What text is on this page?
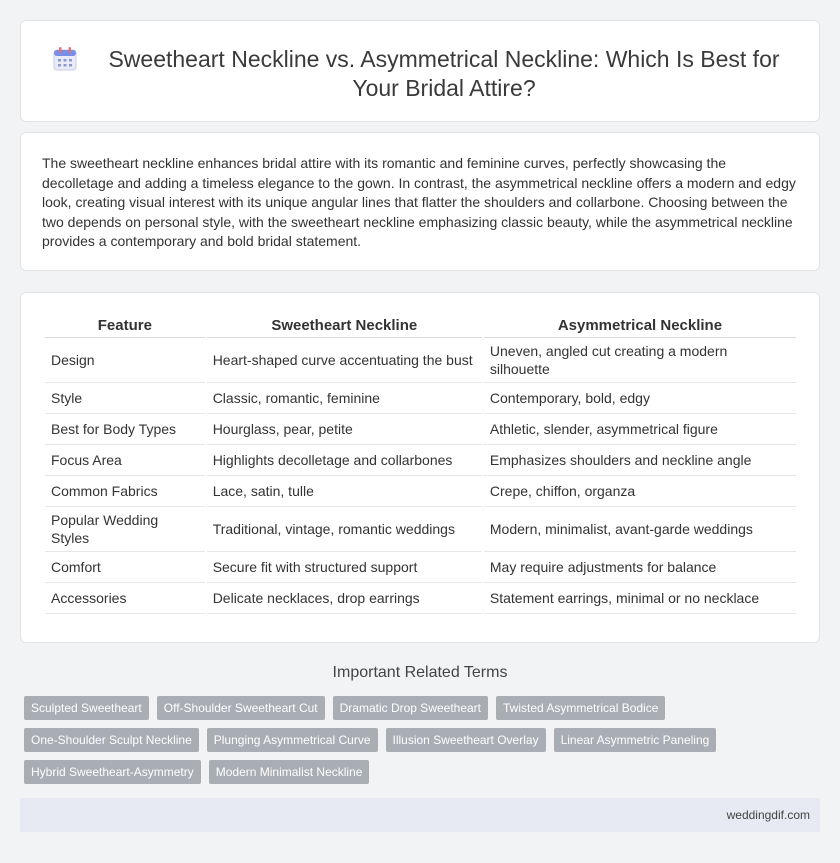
Sweetheart Neckline vs. Asymmetrical Neckline: Which Is Best for Your Bridal Attire?

The sweetheart neckline enhances bridal attire with its romantic and feminine curves, perfectly showcasing the decolletage and adding a timeless elegance to the gown. In contrast, the asymmetrical neckline offers a modern and edgy look, creating visual interest with its unique angular lines that flatter the shoulders and collarbone. Choosing between the two depends on personal style, with the sweetheart neckline emphasizing classic beauty, while the asymmetrical neckline provides a contemporary and bold bridal statement.

Feature	Sweetheart Neckline	Asymmetrical Neckline
Design	Heart-shaped curve accentuating the bust	Uneven, angled cut creating a modern silhouette
Style	Classic, romantic, feminine	Contemporary, bold, edgy
Best for Body Types	Hourglass, pear, petite	Athletic, slender, asymmetrical figure
Focus Area	Highlights decolletage and collarbones	Emphasizes shoulders and neckline angle
Common Fabrics	Lace, satin, tulle	Crepe, chiffon, organza
Popular Wedding Styles	Traditional, vintage, romantic weddings	Modern, minimalist, avant-garde weddings
Comfort	Secure fit with structured support	May require adjustments for balance
Accessories	Delicate necklaces, drop earrings	Statement earrings, minimal or no necklace
Important Related Terms
Sculpted Sweetheart	Off-Shoulder Sweetheart Cut	Dramatic Drop Sweetheart	Twisted Asymmetrical Bodice
One-Shoulder Sculpt Neckline	Plunging Asymmetrical Curve	Illusion Sweetheart Overlay	Linear Asymmetric Paneling
Hybrid Sweetheart-Asymmetry	Modern Minimalist Neckline
weddingdif.com
